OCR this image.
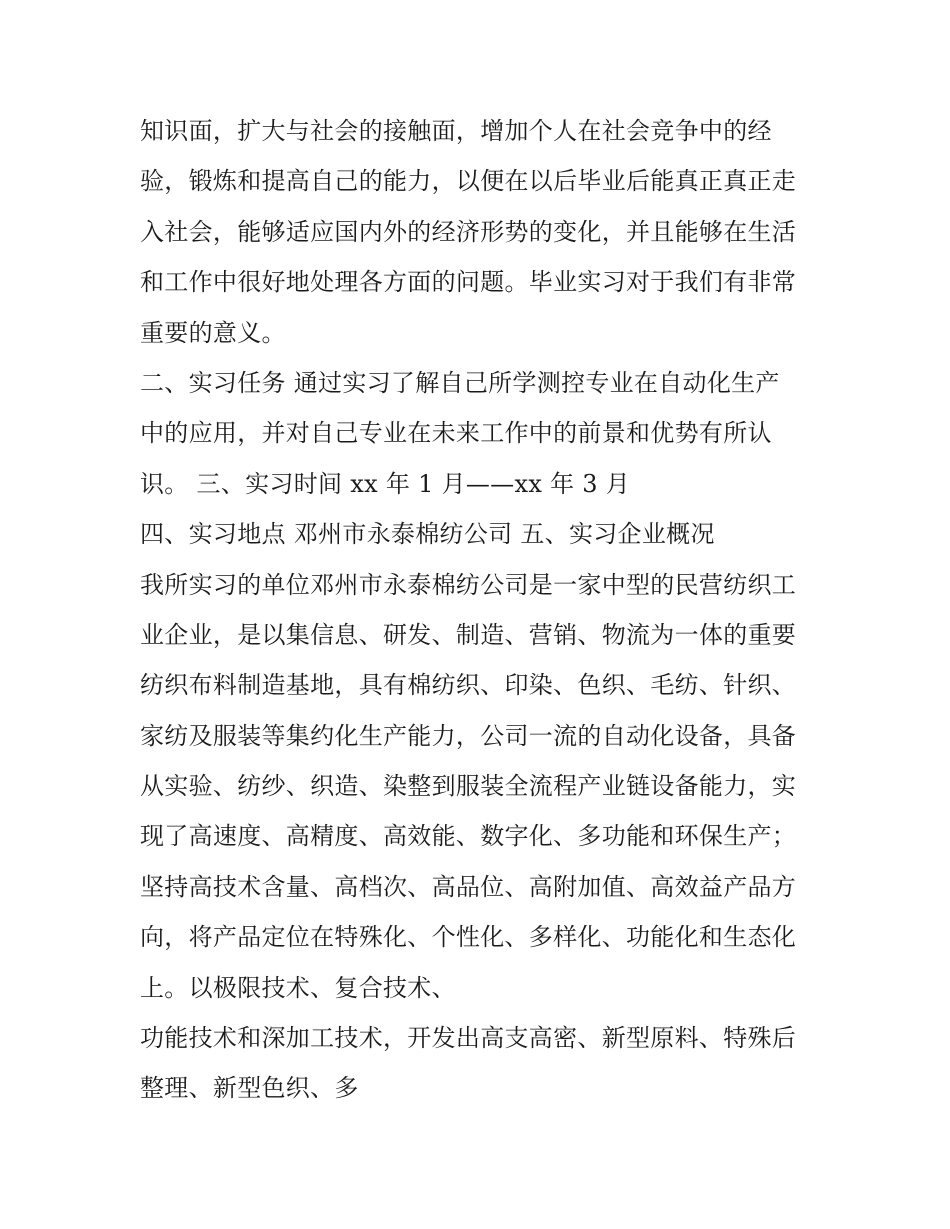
知识面，扩大与社会的接触面，增加个人在社会竞争中的经
验，锻炼和提高自己的能力，以便在以后毕业后能真正真正走
入社会，能够适应国内外的经济形势的变化，并且能够在生活
和工作中很好地处理各方面的问题。毕业实习对于我们有非常
重要的意义。
二、实习任务 通过实习了解自己所学测控专业在自动化生产
中的应用，并对自己专业在未来工作中的前景和优势有所认
识。 三、实习时间 xx 年 1 月——xx 年 3 月
四、实习地点 邓州市永泰棉纺公司 五、实习企业概况
我所实习的单位邓州市永泰棉纺公司是一家中型的民营纺织工
业企业，是以集信息、研发、制造、营销、物流为一体的重要
纺织布料制造基地，具有棉纺织、印染、色织、毛纺、针织、
家纺及服装等集约化生产能力，公司一流的自动化设备，具备
从实验、纺纱、织造、染整到服装全流程产业链设备能力，实
现了高速度、高精度、高效能、数字化、多功能和环保生产；
坚持高技术含量、高档次、高品位、高附加值、高效益产品方
向，将产品定位在特殊化、个性化、多样化、功能化和生态化
上。以极限技术、复合技术、
功能技术和深加工技术，开发出高支高密、新型原料、特殊后
整理、新型色织、多
